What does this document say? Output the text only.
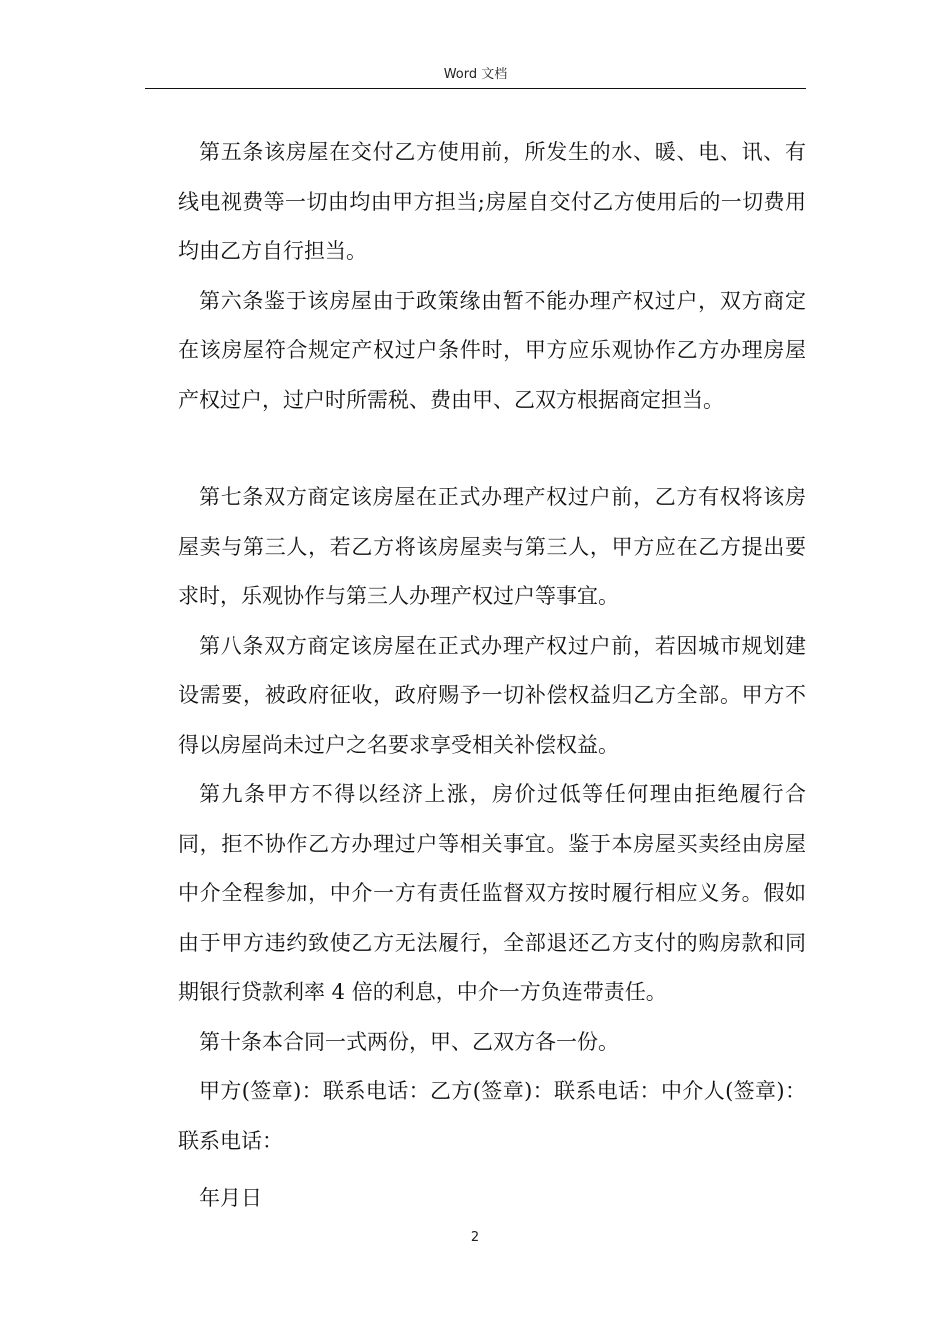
Word 文档

第五条该房屋在交付乙方使用前，所发生的水、暖、电、讯、有线电视费等一切由均由甲方担当;房屋自交付乙方使用后的一切费用均由乙方自行担当。

第六条鉴于该房屋由于政策缘由暂不能办理产权过户，双方商定在该房屋符合规定产权过户条件时，甲方应乐观协作乙方办理房屋产权过户，过户时所需税、费由甲、乙双方根据商定担当。

第七条双方商定该房屋在正式办理产权过户前，乙方有权将该房屋卖与第三人，若乙方将该房屋卖与第三人，甲方应在乙方提出要求时，乐观协作与第三人办理产权过户等事宜。

第八条双方商定该房屋在正式办理产权过户前，若因城市规划建设需要，被政府征收，政府赐予一切补偿权益归乙方全部。甲方不得以房屋尚未过户之名要求享受相关补偿权益。

第九条甲方不得以经济上涨，房价过低等任何理由拒绝履行合同，拒不协作乙方办理过户等相关事宜。鉴于本房屋买卖经由房屋中介全程参加，中介一方有责任监督双方按时履行相应义务。假如由于甲方违约致使乙方无法履行，全部退还乙方支付的购房款和同期银行贷款利率 4 倍的利息，中介一方负连带责任。

第十条本合同一式两份，甲、乙双方各一份。

甲方(签章)：联系电话：乙方(签章)：联系电话：中介人(签章)：联系电话：

年月日

2
